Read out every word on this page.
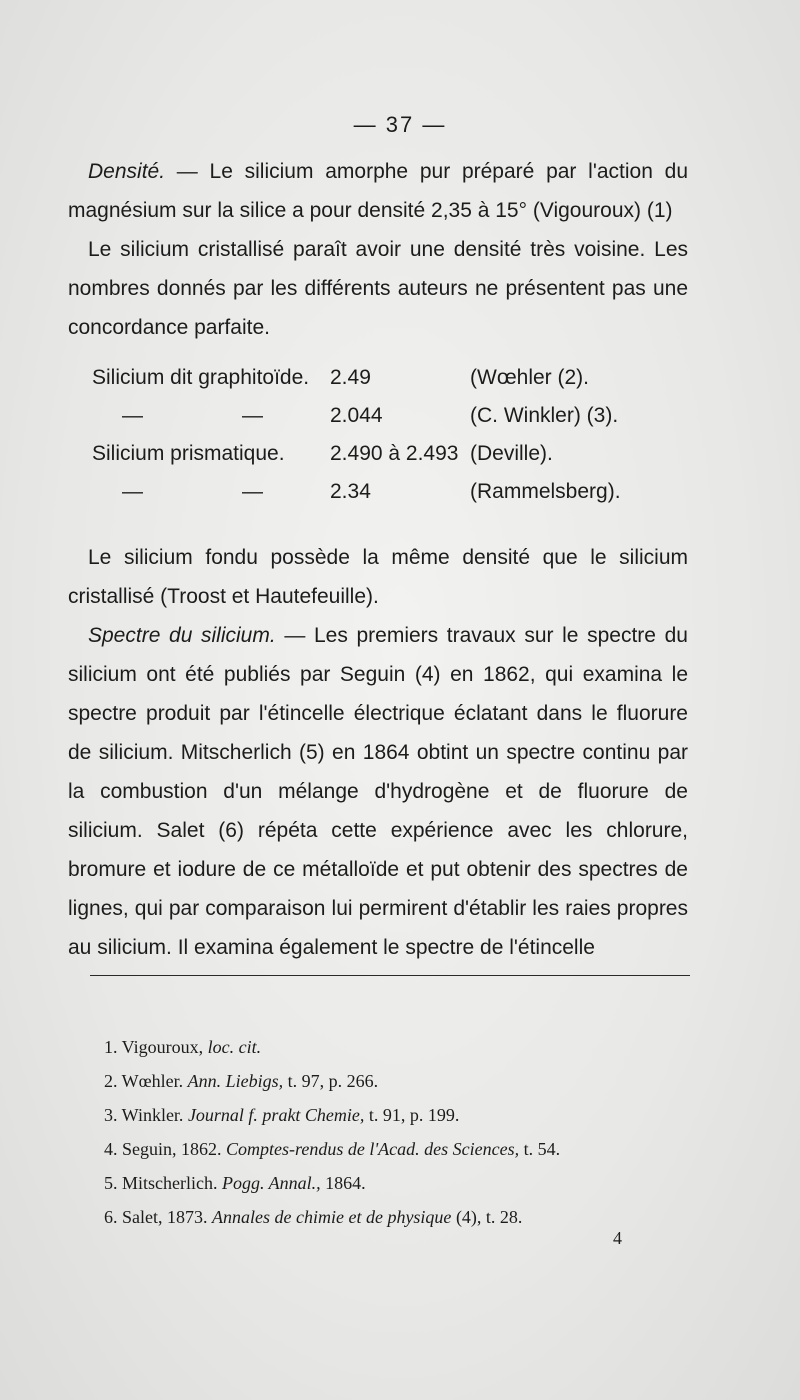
— 37 —

Densité. — Le silicium amorphe pur préparé par l'action du magnésium sur la silice a pour densité 2,35 à 15° (Vigouroux) (1)

Le silicium cristallisé paraît avoir une densité très voisine. Les nombres donnés par les différents auteurs ne présentent pas une concordance parfaite.

Silicium dit graphitoïde. 2.49	(Wœhler (2).
—	—	2.044	(C. Winkler) (3).
Silicium prismatique. 2.490 à 2.493 (Deville).
—	—	2.34	(Rammelsberg).

Le silicium fondu possède la même densité que le silicium cristallisé (Troost et Hautefeuille).

Spectre du silicium. — Les premiers travaux sur le spectre du silicium ont été publiés par Seguin (4) en 1862, qui examina le spectre produit par l'étincelle électrique éclatant dans le fluorure de silicium. Mitscherlich (5) en 1864 obtint un spectre continu par la combustion d'un mélange d'hydrogène et de fluorure de silicium. Salet (6) répéta cette expérience avec les chlorure, bromure et iodure de ce métalloïde et put obtenir des spectres de lignes, qui par comparaison lui permirent d'établir les raies propres au silicium. Il examina également le spectre de l'étincelle

1. Vigouroux, loc. cit.
2. Wœhler. Ann. Liebigs, t. 97, p. 266.
3. Winkler. Journal f. prakt Chemie, t. 91, p. 199.
4. Seguin, 1862. Comptes-rendus de l'Acad. des Sciences, t. 54.
5. Mitscherlich. Pogg. Annal., 1864.
6. Salet, 1873. Annales de chimie et de physique (4), t. 28.
4
